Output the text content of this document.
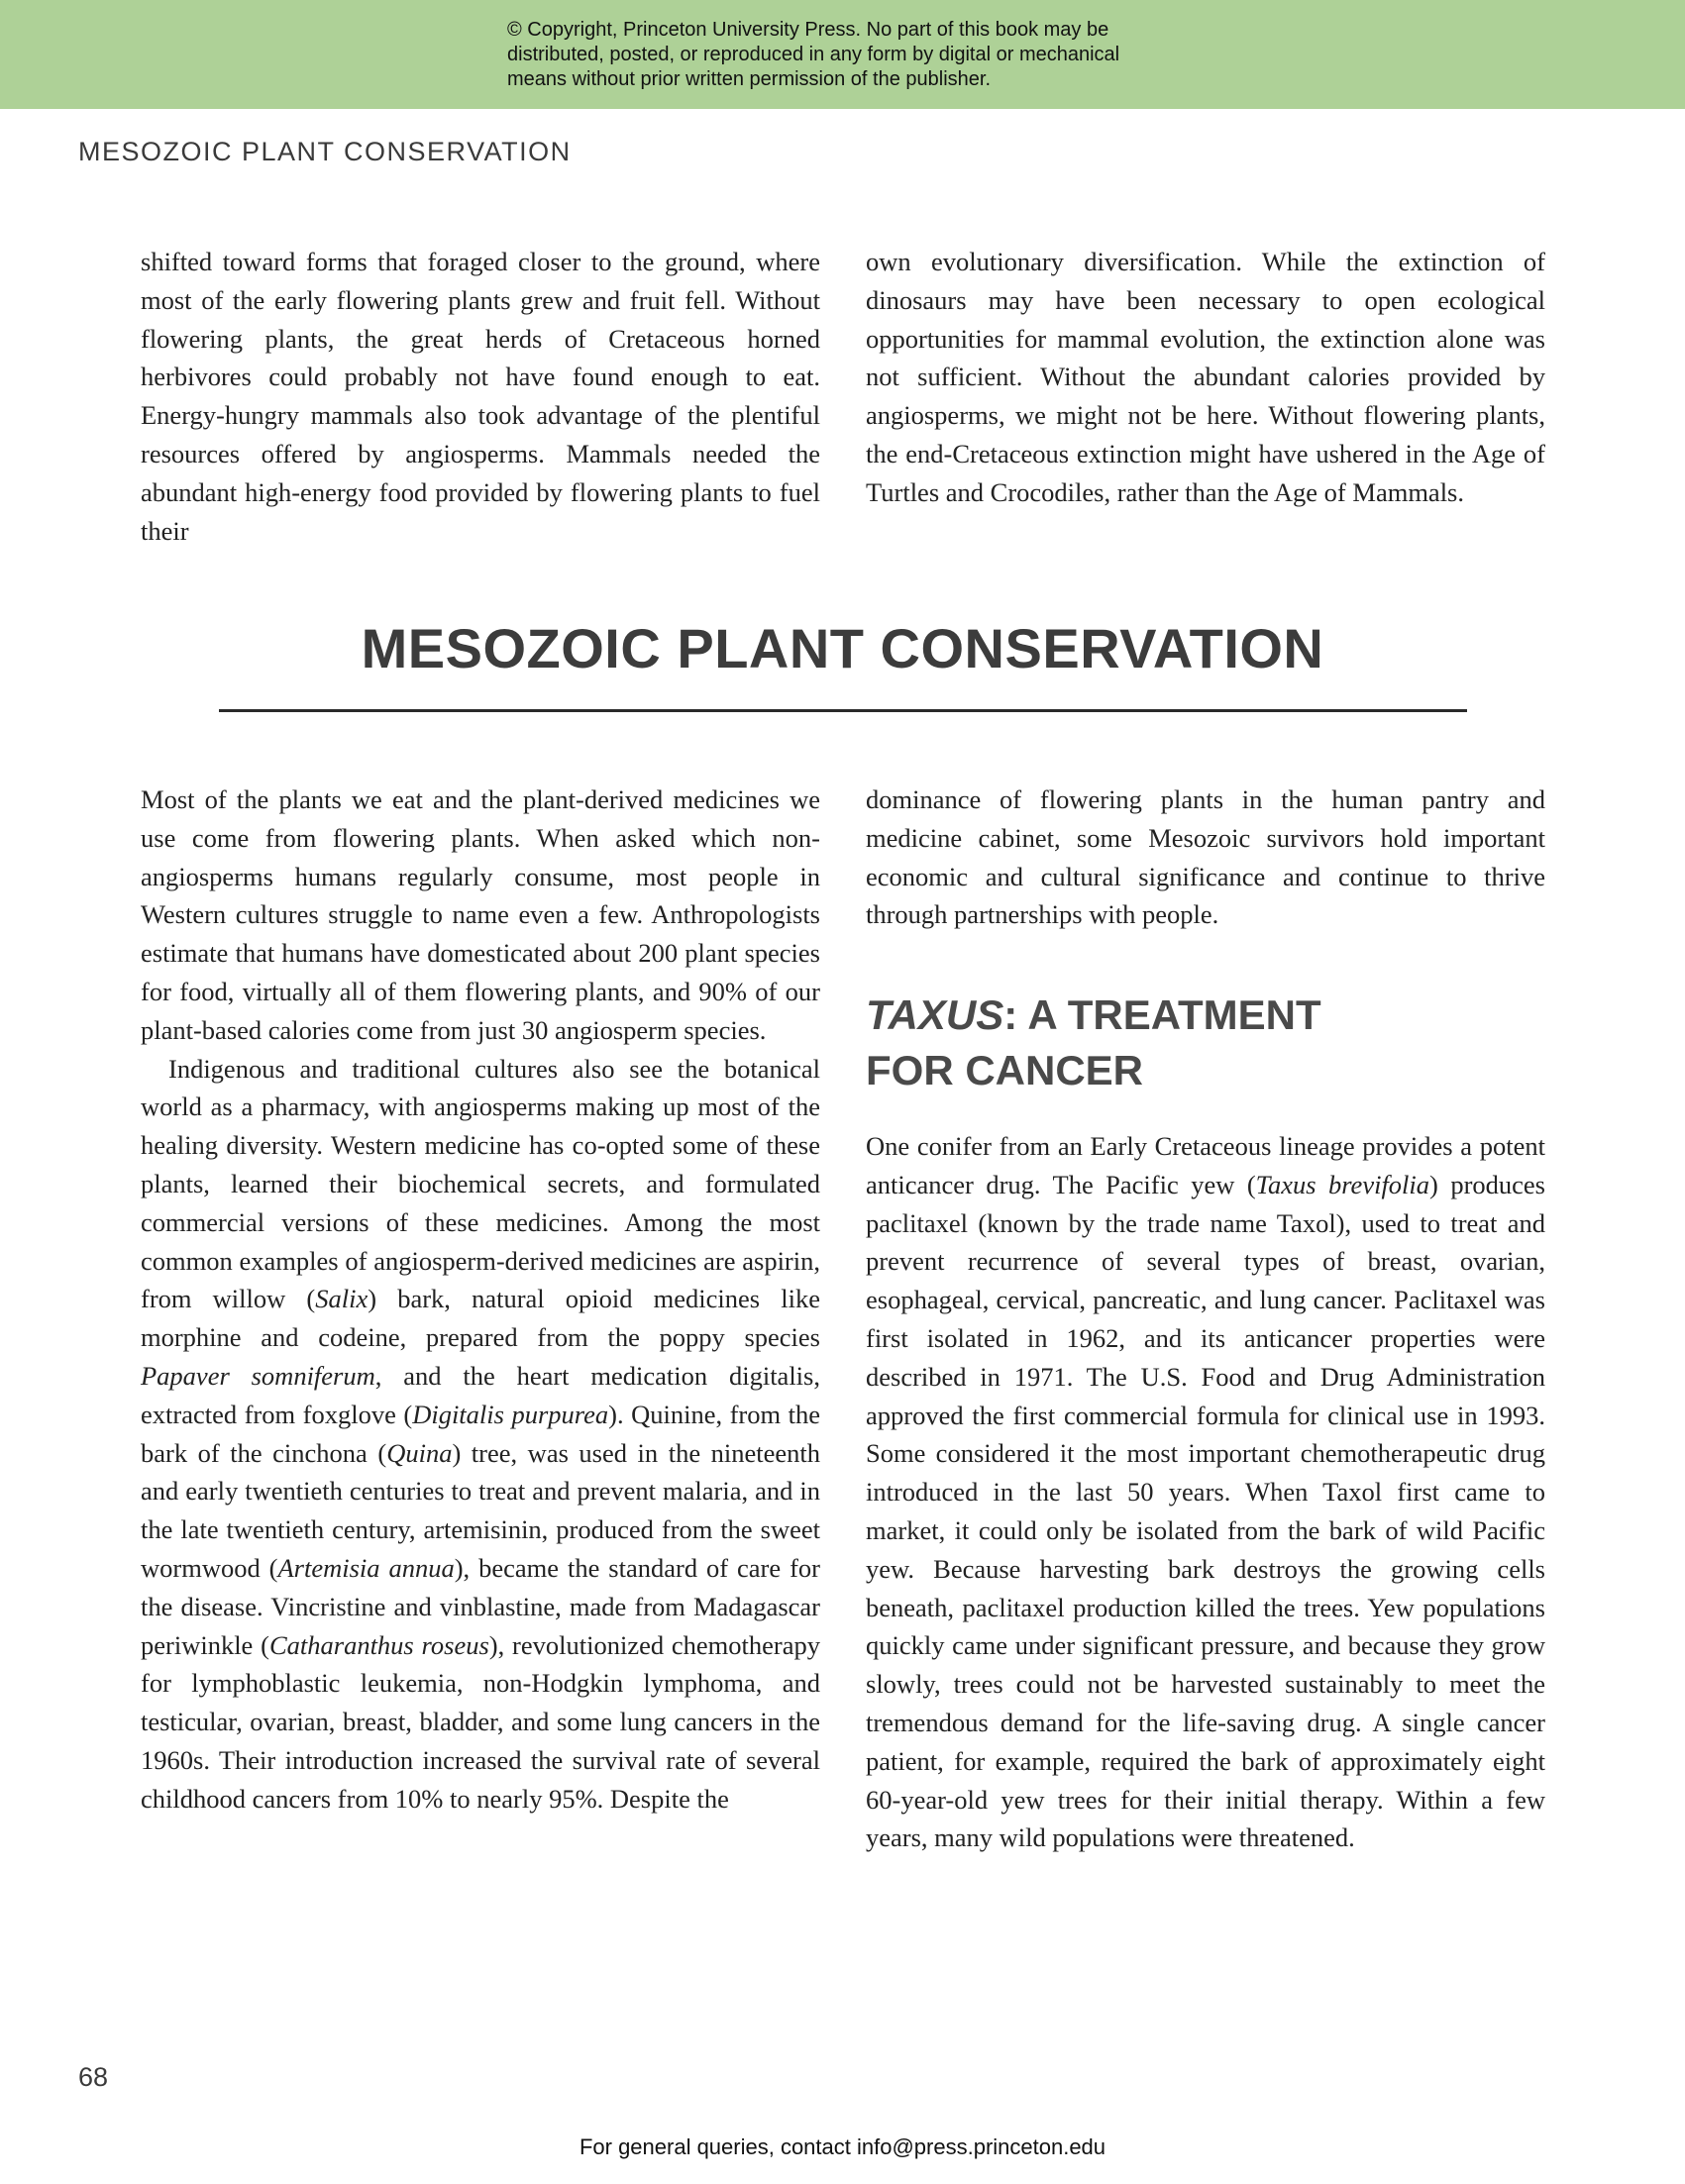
© Copyright, Princeton University Press. No part of this book may be
distributed, posted, or reproduced in any form by digital or mechanical
means without prior written permission of the publisher.
MESOZOIC PLANT CONSERVATION

shifted toward forms that foraged closer to the ground, where most of the early flowering plants grew and fruit fell. Without flowering plants, the great herds of Cretaceous horned herbivores could probably not have found enough to eat. Energy-hungry mammals also took advantage of the plentiful resources offered by angiosperms. Mammals needed the abundant high-energy food provided by flowering plants to fuel their

own evolutionary diversification. While the extinction of dinosaurs may have been necessary to open ecological opportunities for mammal evolution, the extinction alone was not sufficient. Without the abundant calories provided by angiosperms, we might not be here. Without flowering plants, the end-Cretaceous extinction might have ushered in the Age of Turtles and Crocodiles, rather than the Age of Mammals.

MESOZOIC PLANT CONSERVATION

Most of the plants we eat and the plant-derived medicines we use come from flowering plants. When asked which non-angiosperms humans regularly consume, most people in Western cultures struggle to name even a few. Anthropologists estimate that humans have domesticated about 200 plant species for food, virtually all of them flowering plants, and 90% of our plant-based calories come from just 30 angiosperm species.

Indigenous and traditional cultures also see the botanical world as a pharmacy, with angiosperms making up most of the healing diversity. Western medicine has co-opted some of these plants, learned their biochemical secrets, and formulated commercial versions of these medicines. Among the most common examples of angiosperm-derived medicines are aspirin, from willow (Salix) bark, natural opioid medicines like morphine and codeine, prepared from the poppy species Papaver somniferum, and the heart medication digitalis, extracted from foxglove (Digitalis purpurea). Quinine, from the bark of the cinchona (Quina) tree, was used in the nineteenth and early twentieth centuries to treat and prevent malaria, and in the late twentieth century, artemisinin, produced from the sweet wormwood (Artemisia annua), became the standard of care for the disease. Vincristine and vinblastine, made from Madagascar periwinkle (Catharanthus roseus), revolutionized chemotherapy for lymphoblastic leukemia, non-Hodgkin lymphoma, and testicular, ovarian, breast, bladder, and some lung cancers in the 1960s. Their introduction increased the survival rate of several childhood cancers from 10% to nearly 95%. Despite the

dominance of flowering plants in the human pantry and medicine cabinet, some Mesozoic survivors hold important economic and cultural significance and continue to thrive through partnerships with people.

TAXUS: A TREATMENT
FOR CANCER

One conifer from an Early Cretaceous lineage provides a potent anticancer drug. The Pacific yew (Taxus brevifolia) produces paclitaxel (known by the trade name Taxol), used to treat and prevent recurrence of several types of breast, ovarian, esophageal, cervical, pancreatic, and lung cancer. Paclitaxel was first isolated in 1962, and its anticancer properties were described in 1971. The U.S. Food and Drug Administration approved the first commercial formula for clinical use in 1993. Some considered it the most important chemotherapeutic drug introduced in the last 50 years. When Taxol first came to market, it could only be isolated from the bark of wild Pacific yew. Because harvesting bark destroys the growing cells beneath, paclitaxel production killed the trees. Yew populations quickly came under significant pressure, and because they grow slowly, trees could not be harvested sustainably to meet the tremendous demand for the life-saving drug. A single cancer patient, for example, required the bark of approximately eight 60-year-old yew trees for their initial therapy. Within a few years, many wild populations were threatened.

68
For general queries, contact info@press.princeton.edu
